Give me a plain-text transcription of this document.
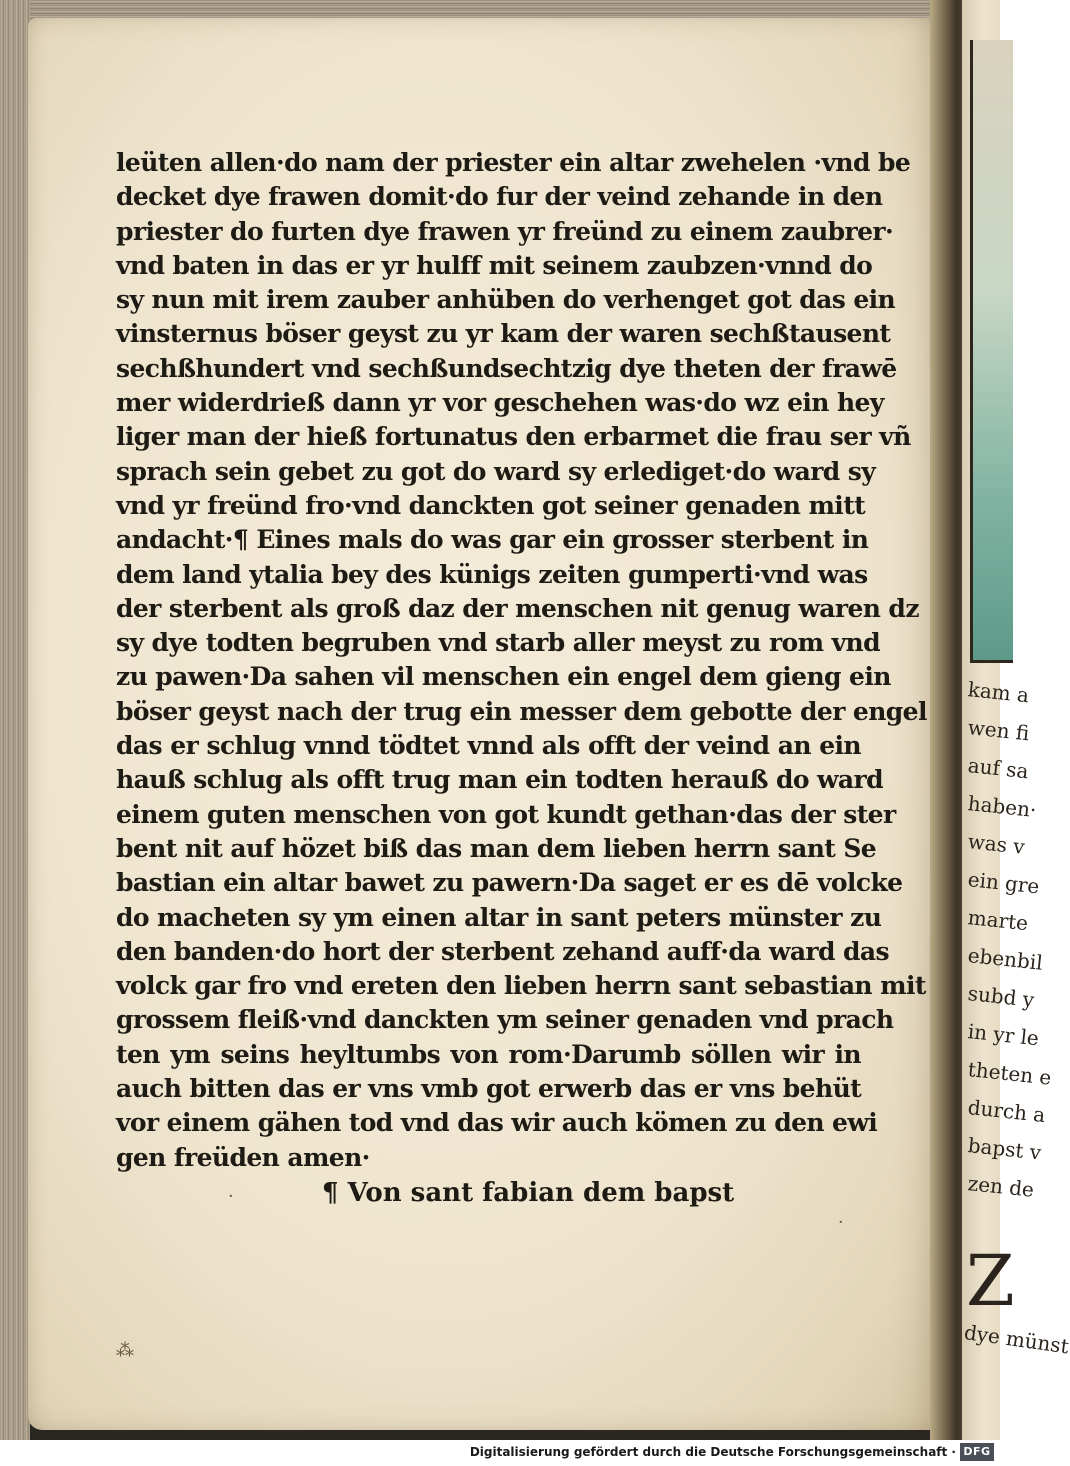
kam a
wen fi
auf sa
haben·
was v
ein gre
marte
ebenbil
subd y
in yr le
theten e
durch a
bapst v
zen de
Z
dye münst
leüten allen·do nam der priester ein altar zwehelen ·vnd be
decket dye frawen domit·do fur der veind zehande in den
priester do furten dye frawen yr freünd zu einem zaubrer·
vnd baten in das er yr hulff mit seinem zaubzen·vnnd do
sy nun mit irem zauber anhüben do verhenget got das ein
vinsternus böser geyst zu yr kam der waren sechßtausent
sechßhundert vnd sechßundsechtzig dye theten der frawē
mer widerdrieß dann yr vor geschehen was·do wz ein hey
liger man der hieß fortunatus den erbarmet die frau ser vñ
sprach sein gebet zu got do ward sy erlediget·do ward sy
vnd yr freünd fro·vnd danckten got seiner genaden mitt
andacht·¶ Eines mals do was gar ein grosser sterbent in
dem land ytalia bey des künigs zeiten gumperti·vnd was
der sterbent als groß daz der menschen nit genug waren dz
sy dye todten begruben vnd starb aller meyst zu rom vnd
zu pawen·Da sahen vil menschen ein engel dem gieng ein
böser geyst nach der trug ein messer dem gebotte der engel
das er schlug vnnd tödtet vnnd als offt der veind an ein
hauß schlug als offt trug man ein todten herauß do ward
einem guten menschen von got kundt gethan·das der ster
bent nit auf hözet biß das man dem lieben herrn sant Se
bastian ein altar bawet zu pawern·Da saget er es dē volcke
do macheten sy ym einen altar in sant peters münster zu
den banden·do hort der sterbent zehand auff·da ward das
volck gar fro vnd ereten den lieben herrn sant sebastian mit
grossem fleiß·vnd danckten ym seiner genaden vnd prach
ten ym seins heyltumbs von rom·Darumb söllen wir in
auch bitten das er vns vmb got erwerb das er vns behüt
vor einem gähen tod vnd das wir auch kömen zu den ewi
gen freüden amen·
¶ Von sant fabian dem bapst
·
⁂
·
Digitalisierung gefördert durch die Deutsche Forschungsgemeinschaft · DFG
